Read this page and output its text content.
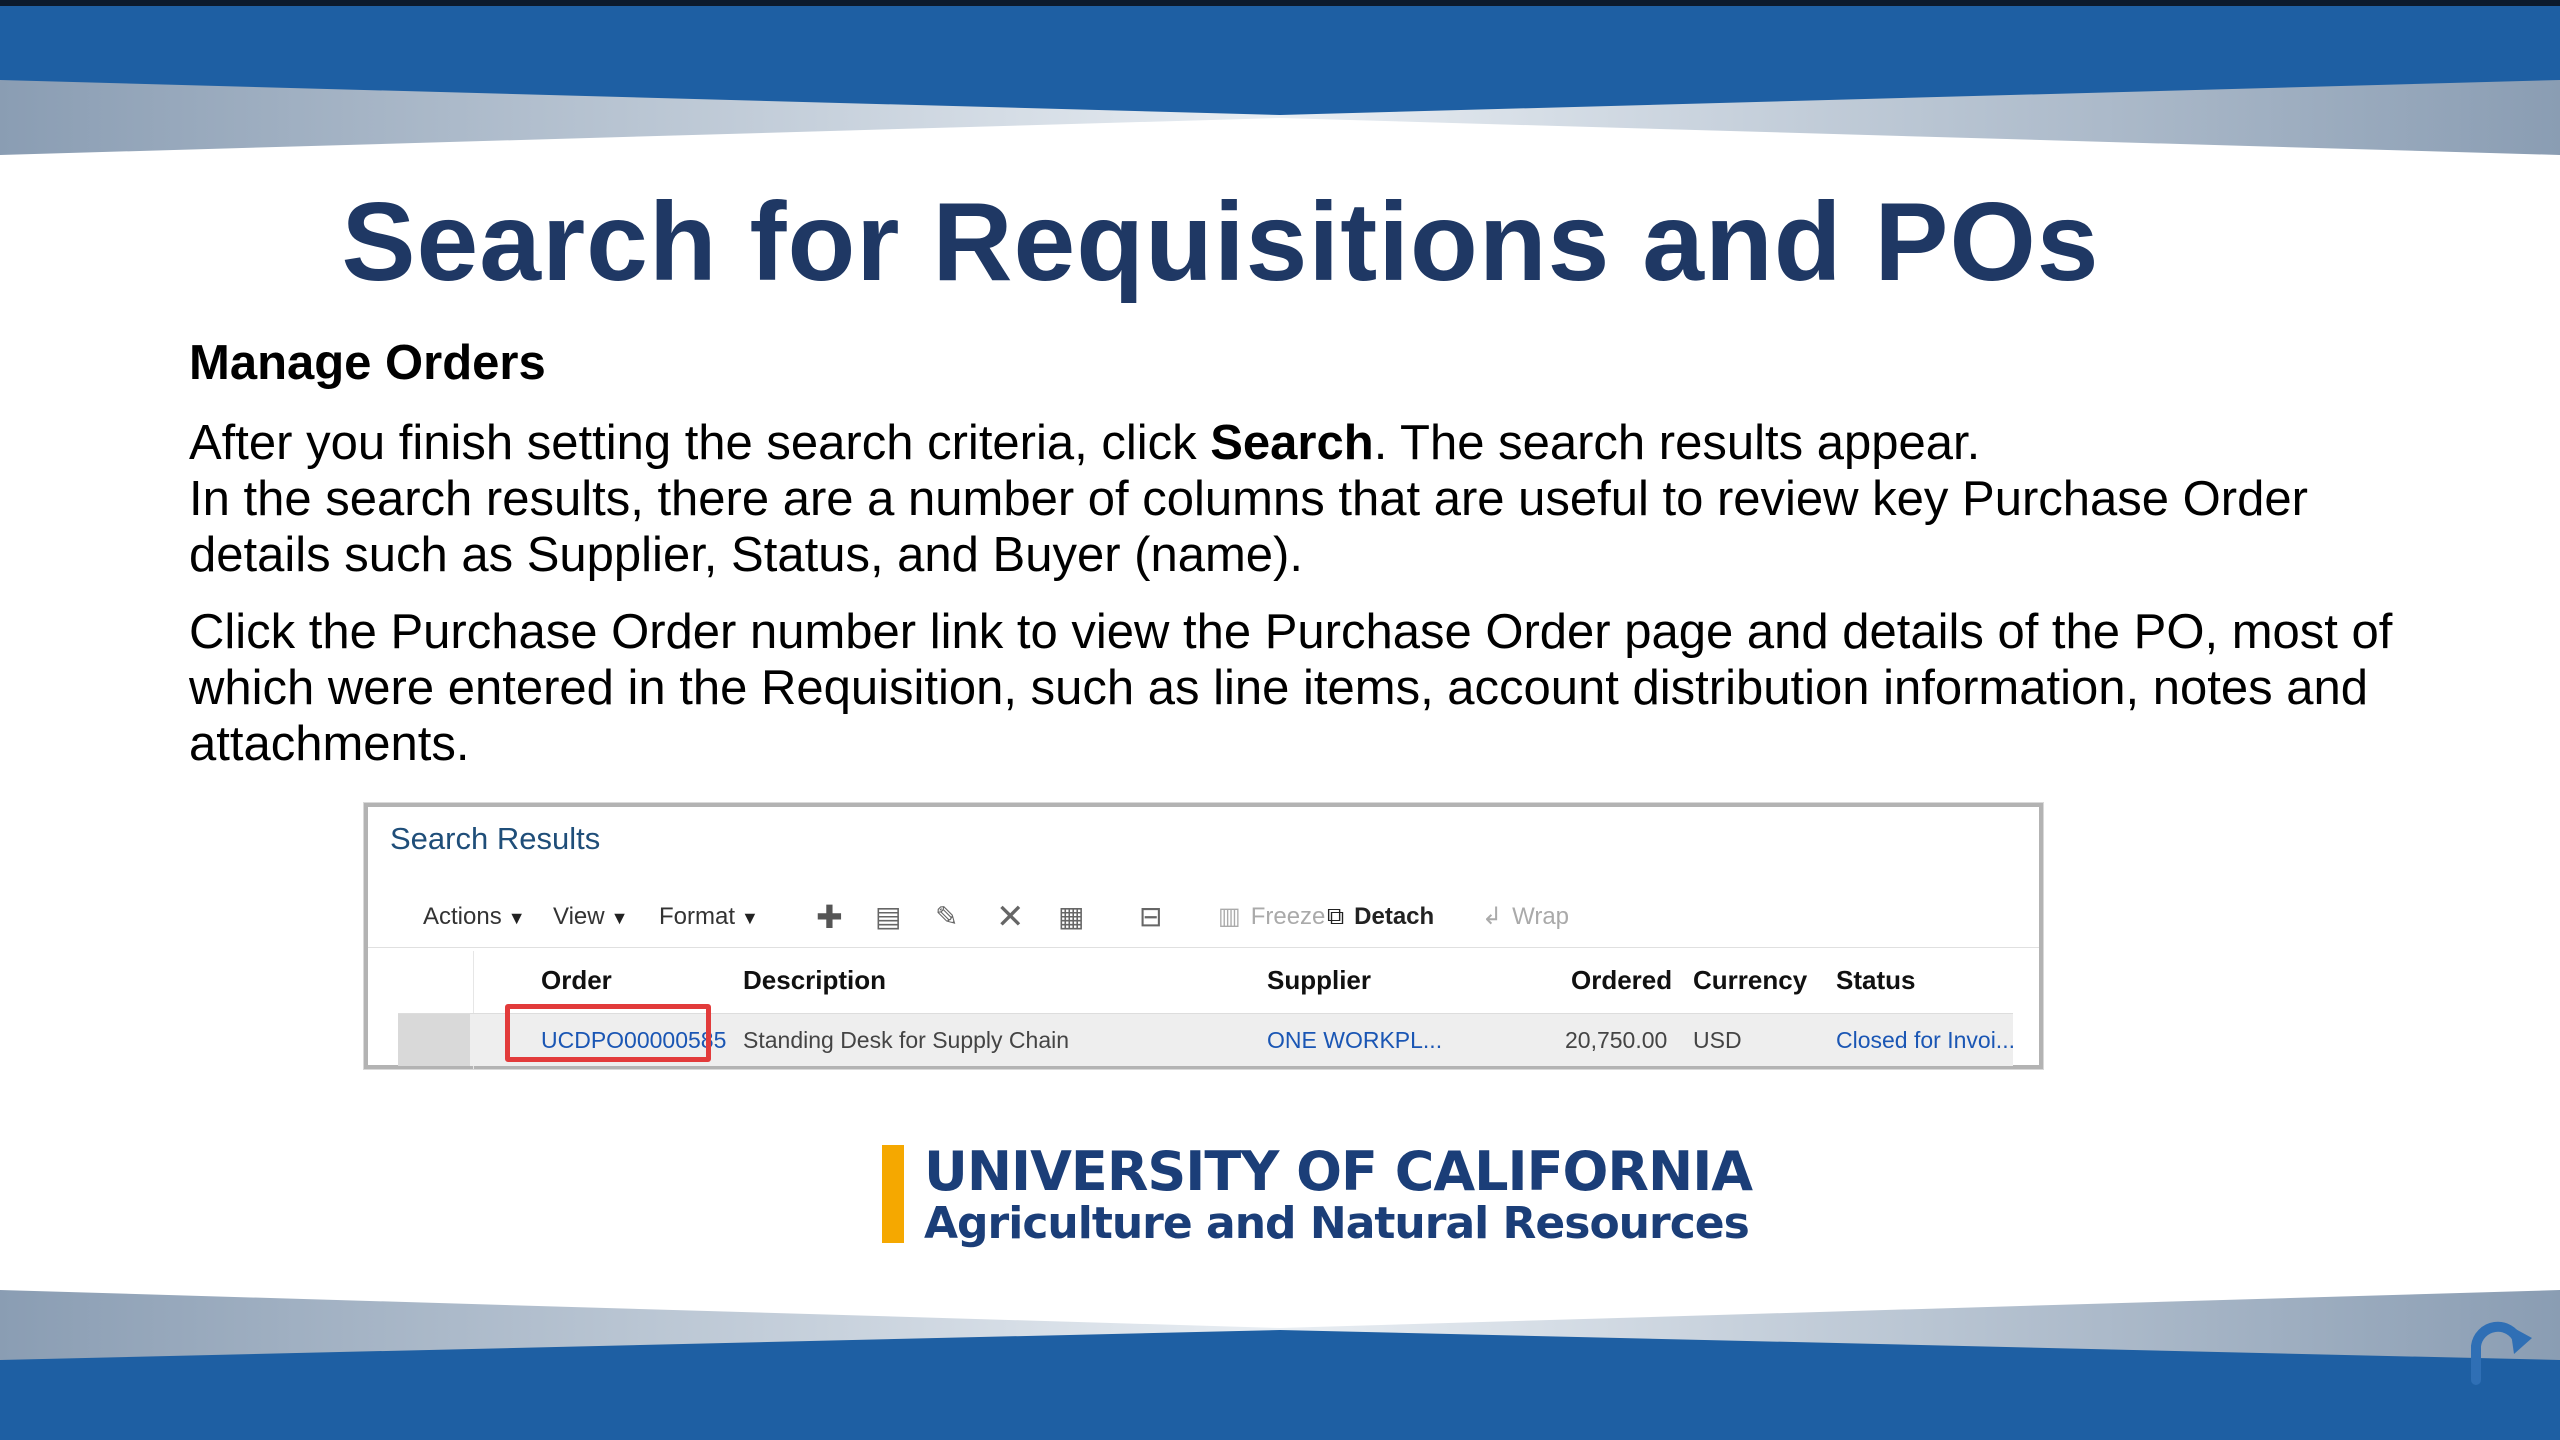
Search for Requisitions and POs
Manage Orders

After you finish setting the search criteria, click Search. The search results appear.
In the search results, there are a number of columns that are useful to review key Purchase Order details such as Supplier, Status, and Buyer (name).

Click the Purchase Order number link to view the Purchase Order page and details of the PO, most of which were entered in the Requisition, such as line items, account distribution information, notes and attachments.

Search Results
Actions ▼ View ▼ Format ▼ ✚ ▤ ✎ ✕ ▦ ⊟ ▥ Freeze ⧉ Detach ↲ Wrap
Order	Description	Supplier	Ordered Currency Status
UCDPO00000585 Standing Desk for Supply Chain	ONE WORKPL...	20,750.00 USD	Closed for Invoi...
UNIVERSITY OF CALIFORNIA
Agriculture and Natural Resources
